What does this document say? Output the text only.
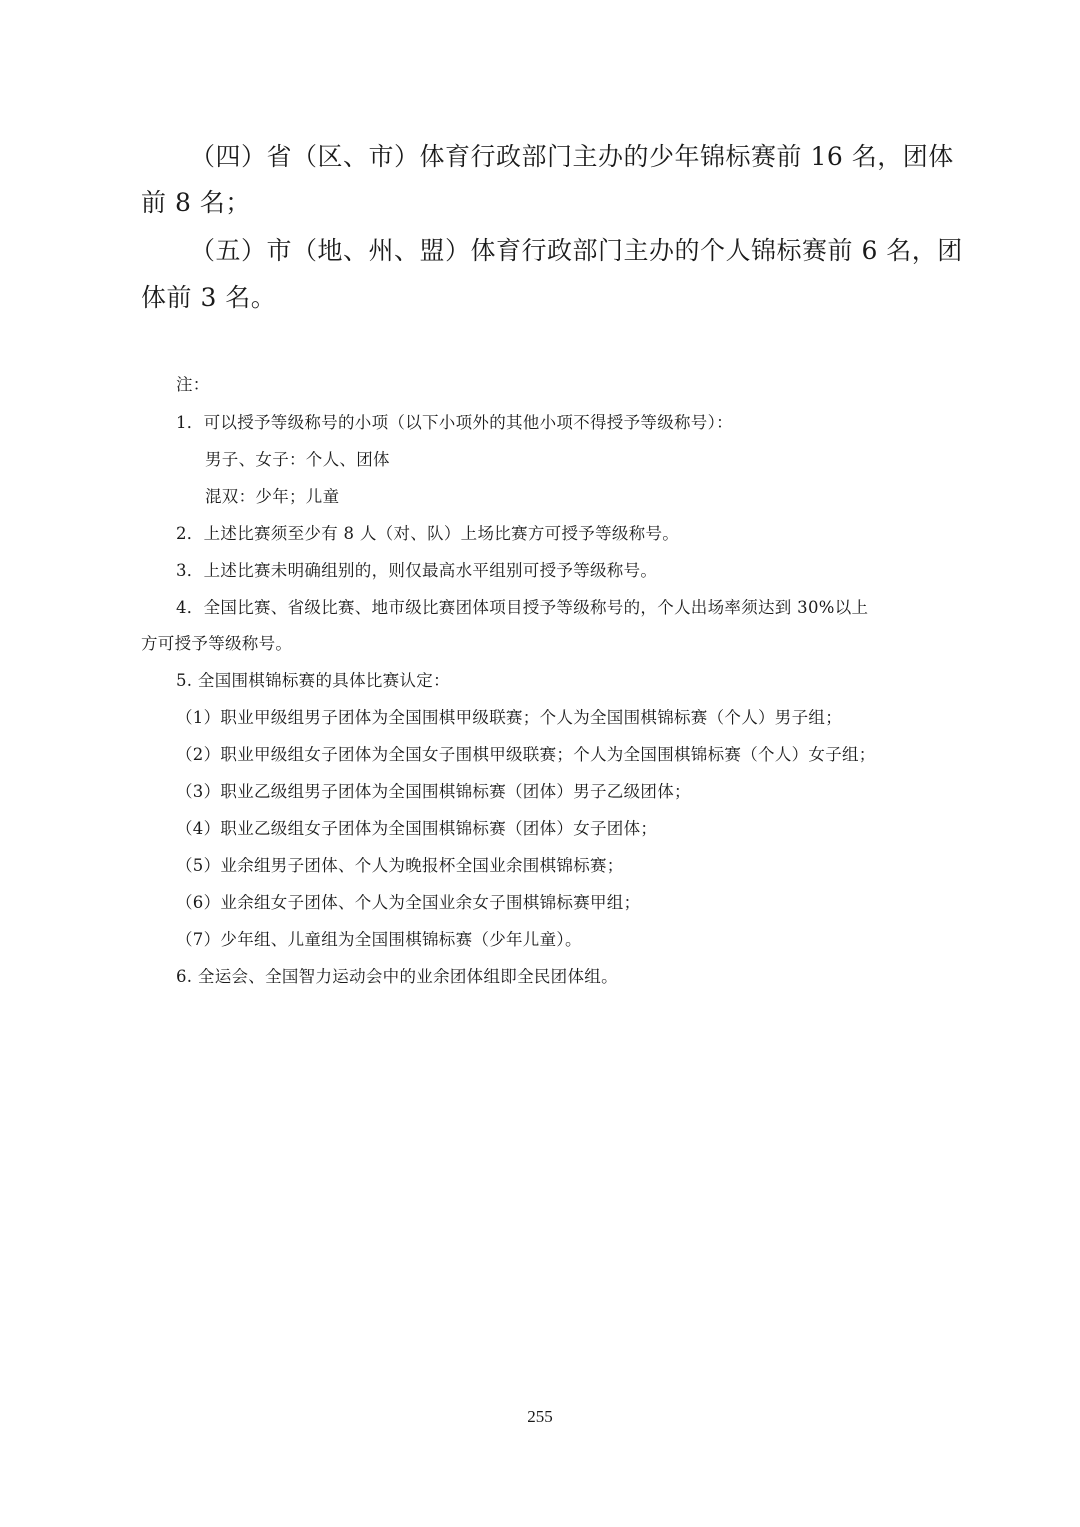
（四）省（区、市）体育行政部门主办的少年锦标赛前 16 名，团体
前 8 名；
（五）市（地、州、盟）体育行政部门主办的个人锦标赛前 6 名，团
体前 3 名。
注：
1．可以授予等级称号的小项（以下小项外的其他小项不得授予等级称号）：
男子、女子：个人、团体
混双：少年；儿童
2．上述比赛须至少有 8 人（对、队）上场比赛方可授予等级称号。
3．上述比赛未明确组别的，则仅最高水平组别可授予等级称号。
4．全国比赛、省级比赛、地市级比赛团体项目授予等级称号的，个人出场率须达到 30%以上
方可授予等级称号。
5. 全国围棋锦标赛的具体比赛认定：
（1）职业甲级组男子团体为全国围棋甲级联赛；个人为全国围棋锦标赛（个人）男子组；
（2）职业甲级组女子团体为全国女子围棋甲级联赛；个人为全国围棋锦标赛（个人）女子组；
（3）职业乙级组男子团体为全国围棋锦标赛（团体）男子乙级团体；
（4）职业乙级组女子团体为全国围棋锦标赛（团体）女子团体；
（5）业余组男子团体、个人为晚报杯全国业余围棋锦标赛；
（6）业余组女子团体、个人为全国业余女子围棋锦标赛甲组；
（7）少年组、儿童组为全国围棋锦标赛（少年儿童）。
6. 全运会、全国智力运动会中的业余团体组即全民团体组。
255
